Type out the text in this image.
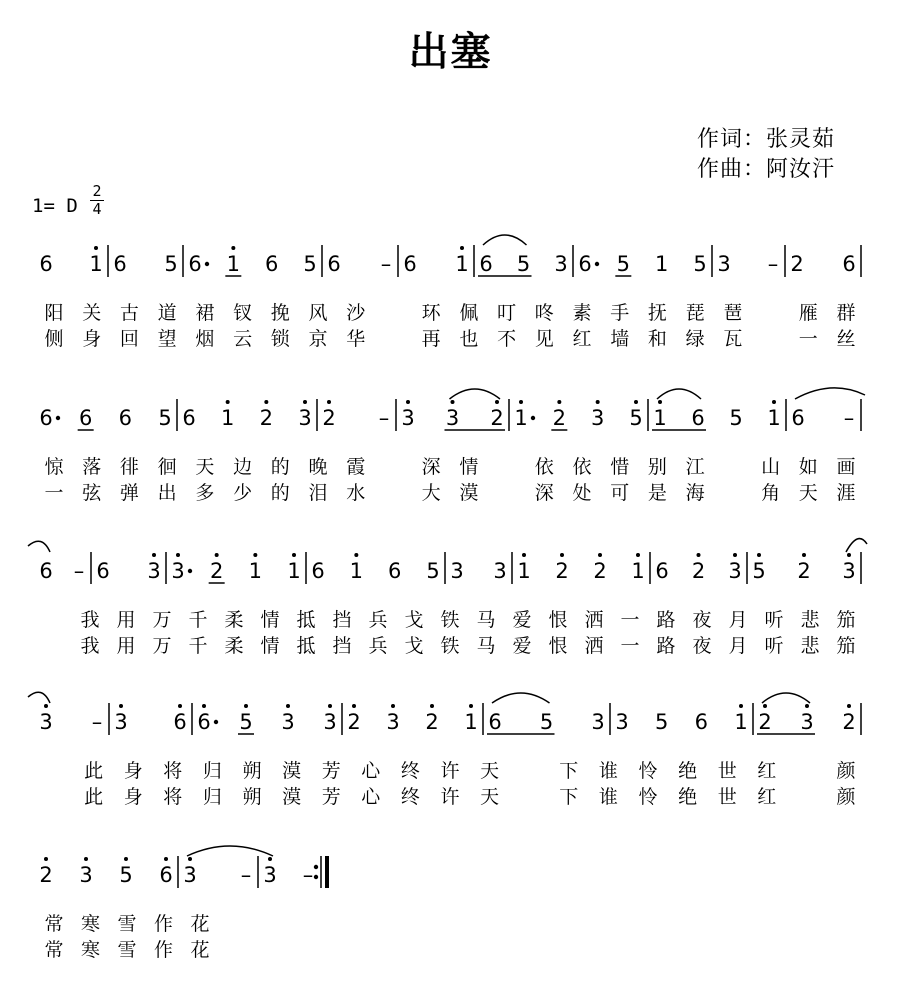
出塞
作词：张灵茹
作曲：阿汝汗
1= D
2
4
6 1 6 5 6 1 6 5 6 – 6 1 6 5 3 6 5 1 5 3 – 2 6
阳 关 古 道 裙 钗 挽 风 沙	环 佩 叮 咚 素 手 抚 琵 琶	雁 群
侧 身 回 望 烟 云 锁 京 华	再 也 不 见 红 墙 和 绿 瓦	一 丝
6 6 6 5 6 1 2 3 2 – 3 3 2 1 2 3 5 1 6 5 1 6 –
惊 落 徘 徊 天 边 的 晚 霞	深 情	依 依 惜 别 江	山 如 画
一 弦 弹 出 多 少 的 泪 水	大 漠	深 处 可 是 海	角 天 涯
6 – 6 3 3 2 1 1 6 1 6 5 3 3 1 2 2 1 6 2 3 5 2 3
我 用 万 千 柔 情 抵 挡 兵 戈 铁 马 爱 恨 洒 一 路 夜 月 听 悲 笳
我 用 万 千 柔 情 抵 挡 兵 戈 铁 马 爱 恨 洒 一 路 夜 月 听 悲 笳
3 – 3 6 6 5 3 3 2 3 2 1 6 5 3 3 5 6 1 2 3 2
此 身 将 归 朔 漠 芳 心 终 许 天	下 谁 怜 绝 世 红	颜
此 身 将 归 朔 漠 芳 心 终 许 天	下 谁 怜 绝 世 红	颜
2 3 5 6 3 – 3 –
常 寒 雪 作 花
常 寒 雪 作 花
